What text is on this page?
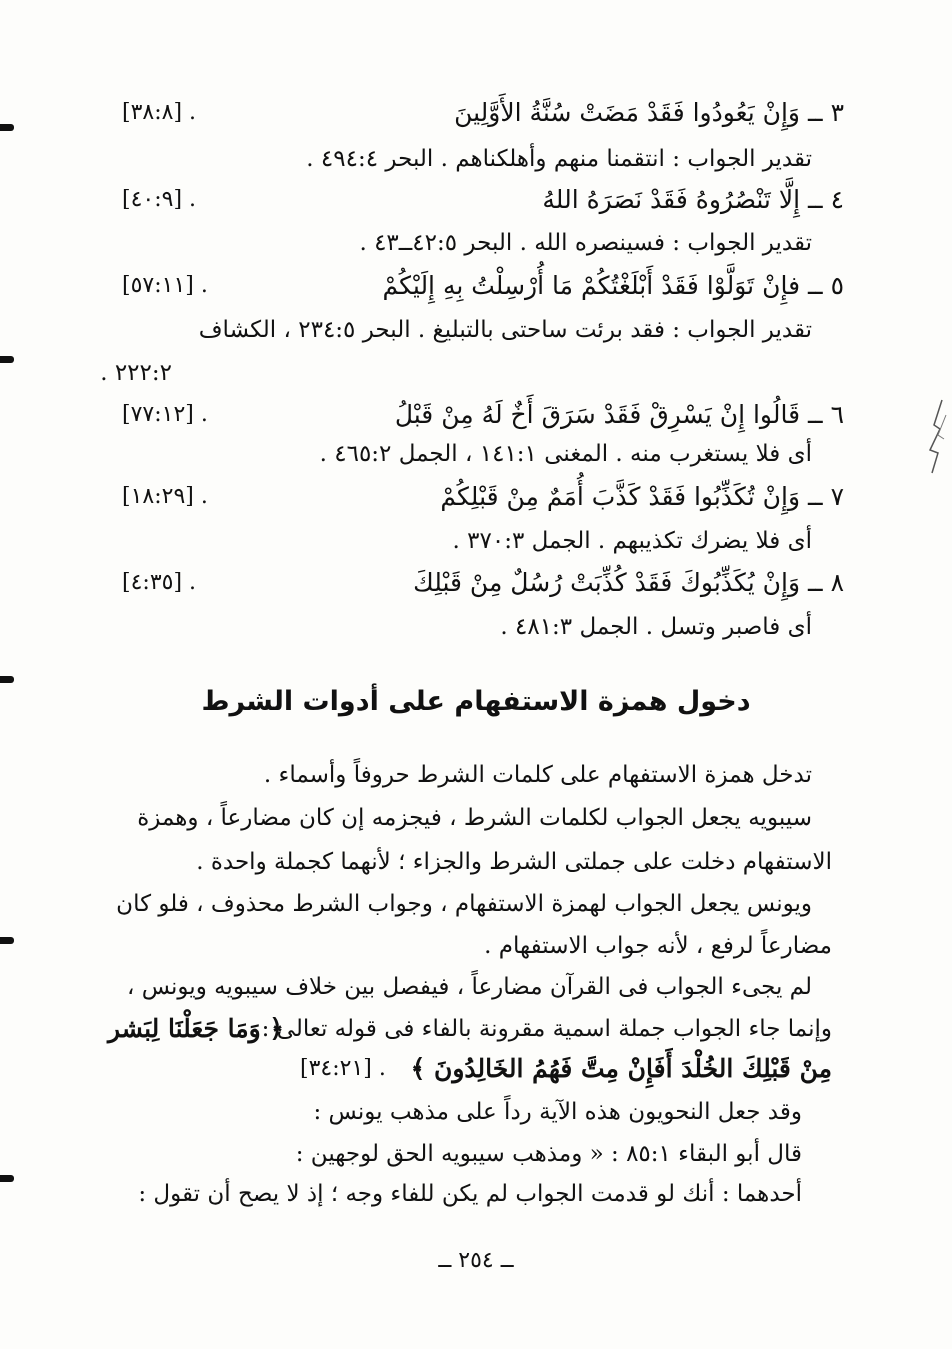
٣ ــ وَإِنْ يَعُودُوا فَقَدْ مَضَتْ سُنَّةُ الأَوَّلِينَ
[٣٨:٨] .
تقدير الجواب : انتقمنا منهم وأهلكناهم . البحر ٤٩٤:٤ .
٤ ــ إِلَّا تَنْصُرُوهُ فَقَدْ نَصَرَهُ اللهُ
[٤٠:٩] .
تقدير الجواب : فسينصره الله . البحر ٤٢:٥ــ٤٣ .
٥ ــ فإِنْ تَوَلَّوْا فَقَدْ أَبْلَغْتُكُمْ مَا أُرْسِلْتُ بِهِ إِلَيْكُمْ
[٥٧:١١] .
تقدير الجواب : فقد برئت ساحتى بالتبليغ . البحر ٢٣٤:٥ ، الكشاف
٢٢٢:٢ .
٦ ــ قَالُوا إِنْ يَسْرِقْ فَقَدْ سَرَقَ أَخٌ لَهُ مِنْ قَبْلُ
[٧٧:١٢] .
أى فلا يستغرب منه . المغنى ١٤١:١ ، الجمل ٤٦٥:٢ .
٧ ــ وَإِنْ تُكَذِّبُوا فَقَدْ كَذَّبَ أُمَمٌ مِنْ قَبْلِكُمْ
[١٨:٢٩] .
أى فلا يضرك تكذيبهم . الجمل ٣٧٠:٣ .
٨ ــ وَإِنْ يُكَذِّبُوكَ فَقَدْ كُذِّبَتْ رُسُلٌ مِنْ قَبْلِكَ
[٤:٣٥] .
أى فاصبر وتسل . الجمل ٤٨١:٣ .
دخول همزة الاستفهام على أدوات الشرط
تدخل همزة الاستفهام على كلمات الشرط حروفاً وأسماء .
سيبويه يجعل الجواب لكلمات الشرط ، فيجزمه إن كان مضارعاً ، وهمزة
الاستفهام دخلت على جملتى الشرط والجزاء ؛ لأنهما كجملة واحدة .
ويونس يجعل الجواب لهمزة الاستفهام ، وجواب الشرط محذوف ، فلو كان
مضارعاً لرفع ، لأنه جواب الاستفهام .
لم يجىء الجواب فى القرآن مضارعاً ، فيفصل بين خلاف سيبويه ويونس ،
وإنما جاء الجواب جملة اسمية مقرونة بالفاء فى قوله تعالى :
﴿ وَمَا جَعَلْنَا لِبَشر
مِنْ قَبْلِكَ الخُلْدَ أَفَإِنْ مِتَّ فَهُمُ الخَالِدُونَ ﴾
[٣٤:٢١] .
وقد جعل النحويون هذه الآية رداً على مذهب يونس :
قال أبو البقاء ٨٥:١ : « ومذهب سيبويه الحق لوجهين :
أحدهما : أنك لو قدمت الجواب لم يكن للفاء وجه ؛ إذ لا يصح أن تقول :
ــ ٢٥٤ ــ
